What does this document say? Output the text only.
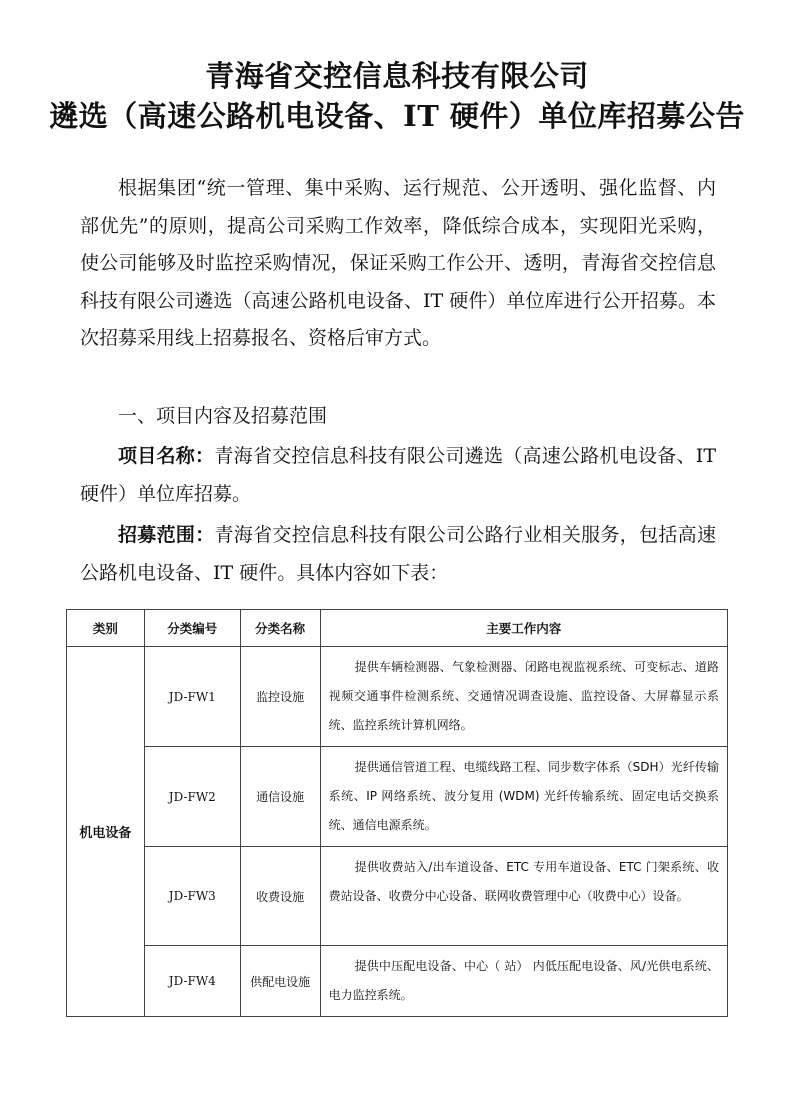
青海省交控信息科技有限公司
遴选（高速公路机电设备、IT 硬件）单位库招募公告
根据集团“统一管理、集中采购、运行规范、公开透明、强化监督、内部优先”的原则，提高公司采购工作效率，降低综合成本，实现阳光采购，使公司能够及时监控采购情况，保证采购工作公开、透明，青海省交控信息科技有限公司遴选（高速公路机电设备、IT 硬件）单位库进行公开招募。本次招募采用线上招募报名、资格后审方式。
一、项目内容及招募范围
项目名称：青海省交控信息科技有限公司遴选（高速公路机电设备、IT 硬件）单位库招募。
招募范围：青海省交控信息科技有限公司公路行业相关服务，包括高速公路机电设备、IT 硬件。具体内容如下表：
类别	分类编号	分类名称	主要工作内容
机电设备	JD-FW1	监控设施	提供车辆检测器、气象检测器、闭路电视监视系统、可变标志、道路视频交通事件检测系统、交通情况调查设施、监控设备、大屏幕显示系统、监控系统计算机网络。
	JD-FW2	通信设施	提供通信管道工程、电缆线路工程、同步数字体系（SDH）光纤传输系统、IP 网络系统、波分复用 (WDM) 光纤传输系统、固定电话交换系统、通信电源系统。
	JD-FW3	收费设施	提供收费站入/出车道设备、ETC 专用车道设备、ETC 门架系统、收费站设备、收费分中心设备、联网收费管理中心（收费中心）设备。
	JD-FW4	供配电设施	提供中压配电设备、中心（ 站） 内低压配电设备、风/光供电系统、电力监控系统。
